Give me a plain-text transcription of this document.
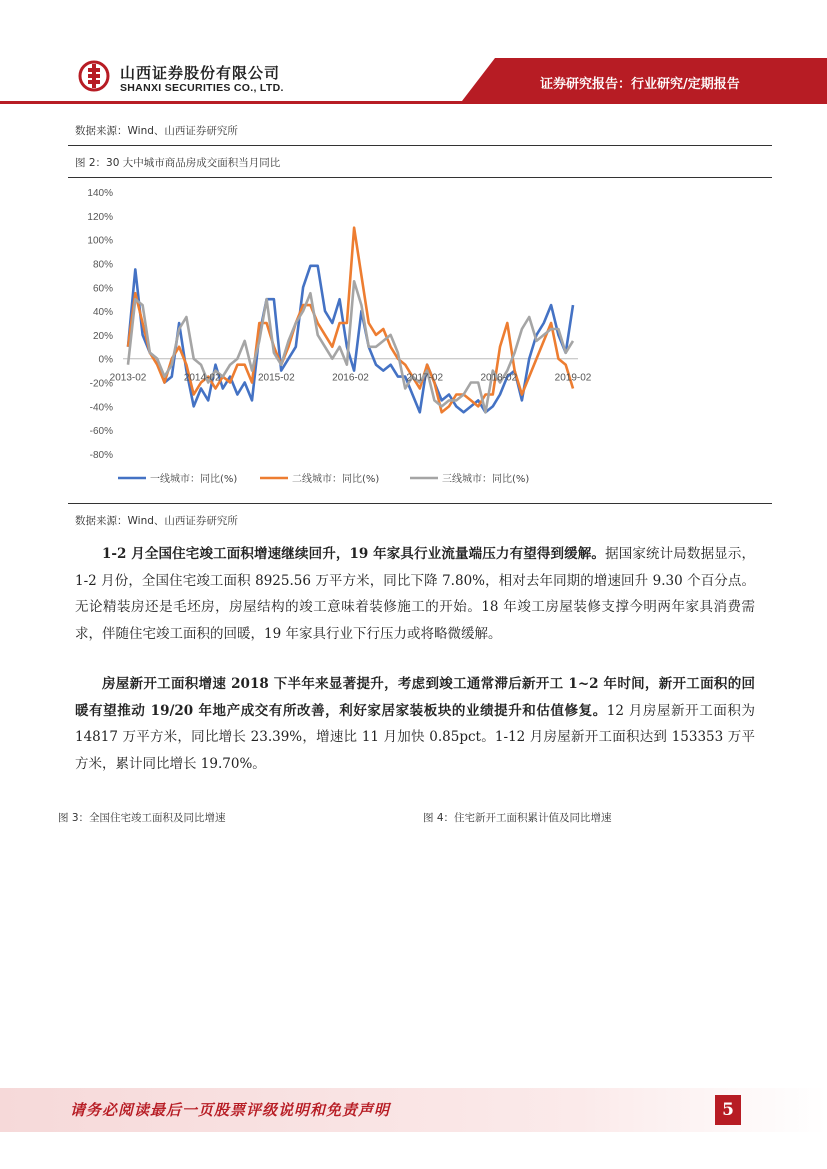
山西证券股份有限公司
SHANXI SECURITIES CO., LTD.	证券研究报告：行业研究/定期报告
数据来源：Wind、山西证券研究所
图 2：30 大中城市商品房成交面积当月同比
140%
120%
100%
80%
60%
40%
20%
0%
-20%
-40%
-60%
-80%
2013-02	2014-02	2015-02	2016-02	2017-02	2018-02	2019-02
一线城市：同比(%)	二线城市：同比(%)	三线城市：同比(%)
数据来源：Wind、山西证券研究所
1-2 月全国住宅竣工面积增速继续回升，19 年家具行业流量端压力有望得到缓解。据国家统计局数据显示，1-2 月份，全国住宅竣工面积 8925.56 万平方米，同比下降 7.80%，相对去年同期的增速回升 9.30 个百分点。无论精装房还是毛坯房，房屋结构的竣工意味着装修施工的开始。18 年竣工房屋装修支撑今明两年家具消费需求，伴随住宅竣工面积的回暖，19 年家具行业下行压力或将略微缓解。
房屋新开工面积增速 2018 下半年来显著提升，考虑到竣工通常滞后新开工 1~2 年时间，新开工面积的回暖有望推动 19/20 年地产成交有所改善，利好家居家装板块的业绩提升和估值修复。12 月房屋新开工面积为 14817 万平方米，同比增长 23.39%，增速比 11 月加快 0.85pct。1-12 月房屋新开工面积达到 153353 万平方米，累计同比增长 19.70%。
图 3：全国住宅竣工面积及同比增速	图 4：住宅新开工面积累计值及同比增速
请务必阅读最后一页股票评级说明和免责声明	5
